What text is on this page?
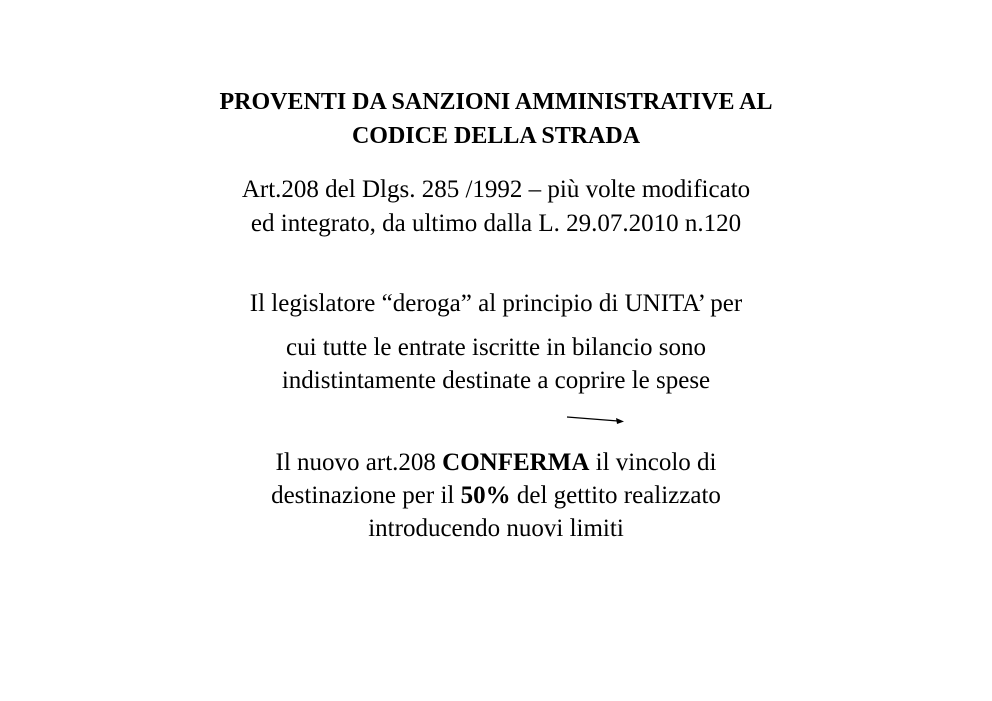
PROVENTI DA SANZIONI AMMINISTRATIVE AL
CODICE DELLA STRADA
Art.208 del Dlgs. 285 /1992 – più volte modificato
ed integrato, da ultimo dalla L. 29.07.2010 n.120
Il legislatore “deroga” al principio di UNITA’ per
cui tutte le entrate iscritte in bilancio sono
indistintamente destinate a coprire le spese
Il nuovo art.208 CONFERMA il vincolo di
destinazione per il 50% del gettito realizzato
introducendo nuovi limiti
